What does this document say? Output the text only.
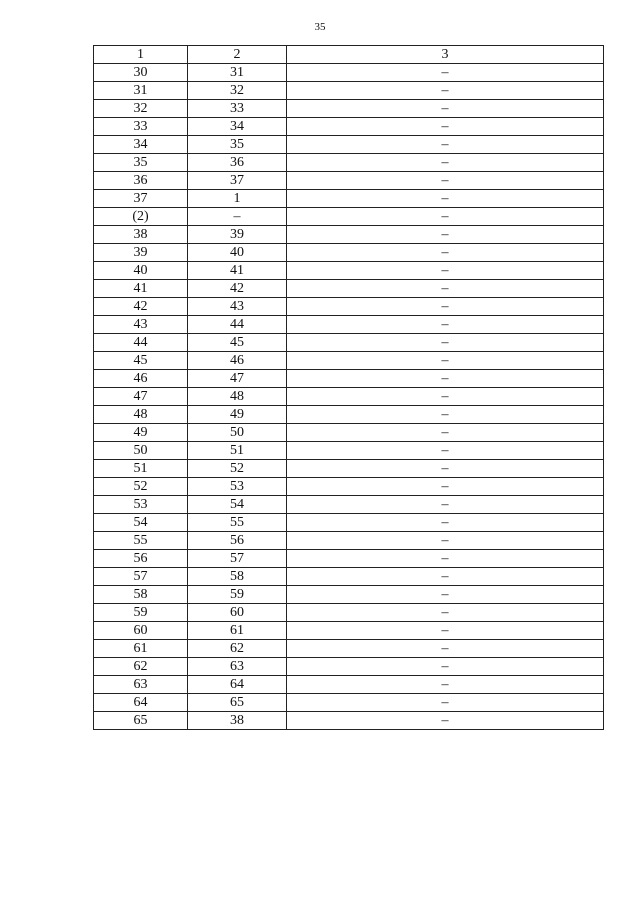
35
1	2	3
30	31	–
31	32	–
32	33	–
33	34	–
34	35	–
35	36	–
36	37	–
37	1	–
(2)	–	–
38	39	–
39	40	–
40	41	–
41	42	–
42	43	–
43	44	–
44	45	–
45	46	–
46	47	–
47	48	–
48	49	–
49	50	–
50	51	–
51	52	–
52	53	–
53	54	–
54	55	–
55	56	–
56	57	–
57	58	–
58	59	–
59	60	–
60	61	–
61	62	–
62	63	–
63	64	–
64	65	–
65	38	–
